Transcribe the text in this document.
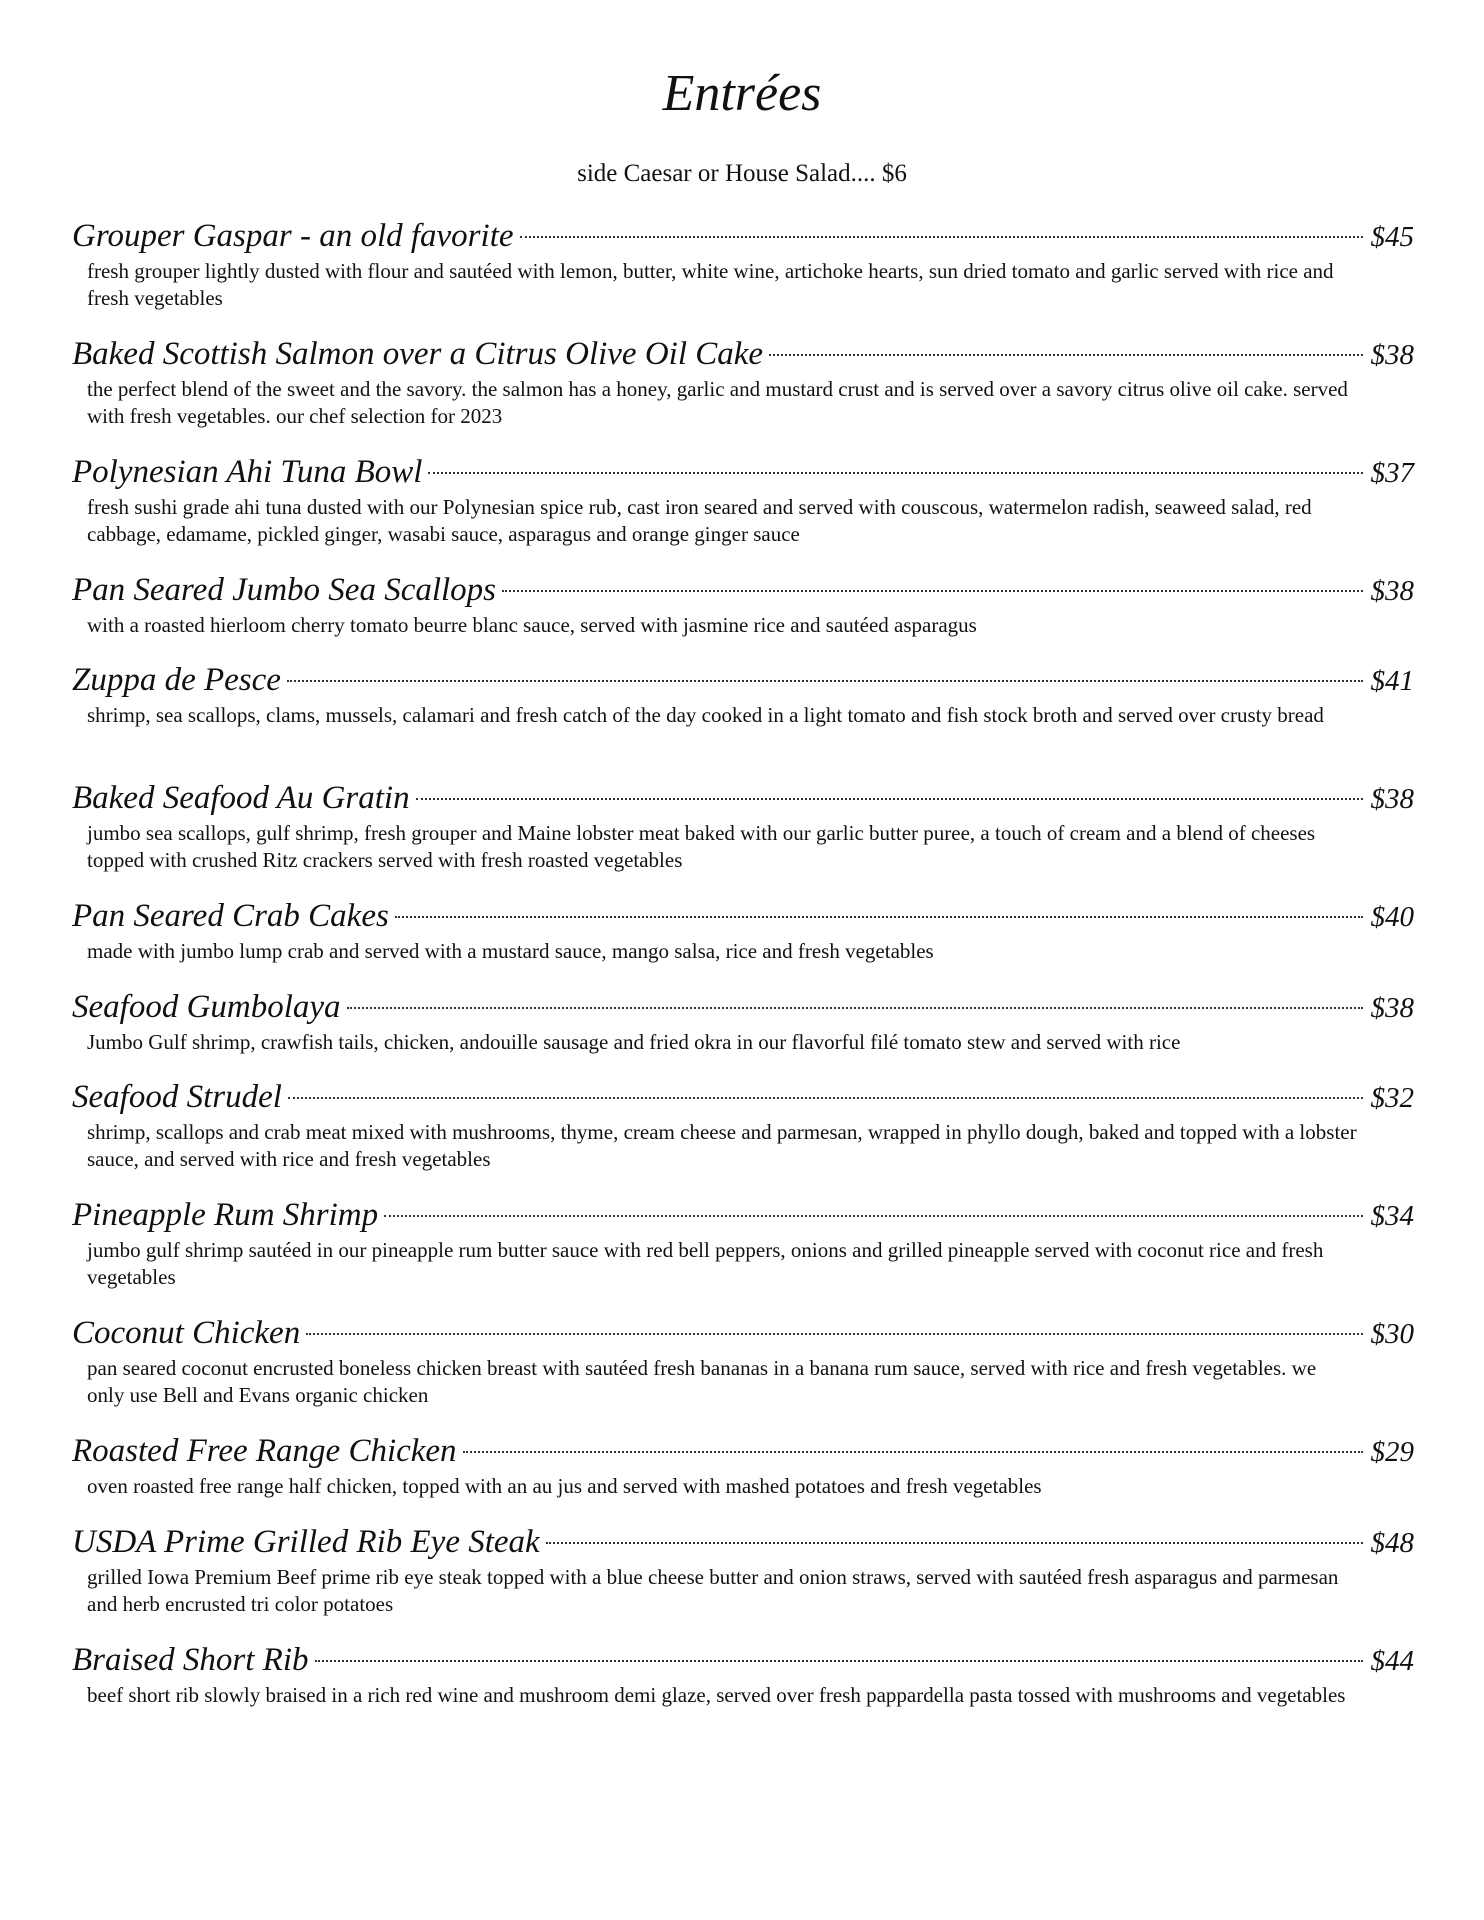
Entrées
side Caesar or House Salad.... $6
Grouper Gaspar - an old favorite	$45
fresh grouper lightly dusted with flour and sautéed with lemon, butter, white wine, artichoke hearts, sun dried tomato and garlic served with rice and fresh vegetables
Baked Scottish Salmon over a Citrus Olive Oil Cake	$38
the perfect blend of the sweet and the savory. the salmon has a honey, garlic and mustard crust and is served over a savory citrus olive oil cake. served with fresh vegetables. our chef selection for 2023
Polynesian Ahi Tuna Bowl	$37
fresh sushi grade ahi tuna dusted with our Polynesian spice rub, cast iron seared and served with couscous, watermelon radish, seaweed salad, red cabbage, edamame, pickled ginger, wasabi sauce, asparagus and orange ginger sauce
Pan Seared Jumbo Sea Scallops	$38
with a roasted hierloom cherry tomato beurre blanc sauce, served with jasmine rice and sautéed asparagus
Zuppa de Pesce	$41
shrimp, sea scallops, clams, mussels, calamari and fresh catch of the day cooked in a light tomato and fish stock broth and served over crusty bread
Baked Seafood Au Gratin	$38
jumbo sea scallops, gulf shrimp, fresh grouper and Maine lobster meat baked with our garlic butter puree, a touch of cream and a blend of cheeses topped with crushed Ritz crackers served with fresh roasted vegetables
Pan Seared Crab Cakes	$40
made with jumbo lump crab and served with a mustard sauce, mango salsa, rice and fresh vegetables
Seafood Gumbolaya	$38
Jumbo Gulf shrimp, crawfish tails, chicken, andouille sausage and fried okra in our flavorful filé tomato stew and served with rice
Seafood Strudel	$32
shrimp, scallops and crab meat mixed with mushrooms, thyme, cream cheese and parmesan, wrapped in phyllo dough, baked and topped with a lobster sauce, and served with rice and fresh vegetables
Pineapple Rum Shrimp	$34
jumbo gulf shrimp sautéed in our pineapple rum butter sauce with red bell peppers, onions and grilled pineapple served with coconut rice and fresh vegetables
Coconut Chicken	$30
pan seared coconut encrusted boneless chicken breast with sautéed fresh bananas in a banana rum sauce, served with rice and fresh vegetables. we only use Bell and Evans organic chicken
Roasted Free Range Chicken	$29
oven roasted free range half chicken, topped with an au jus and served with mashed potatoes and fresh vegetables
USDA Prime Grilled Rib Eye Steak	$48
grilled Iowa Premium Beef prime rib eye steak topped with a blue cheese butter and onion straws, served with sautéed fresh asparagus and parmesan and herb encrusted tri color potatoes
Braised Short Rib	$44
beef short rib slowly braised in a rich red wine and mushroom demi glaze, served over fresh pappardella pasta tossed with mushrooms and vegetables
